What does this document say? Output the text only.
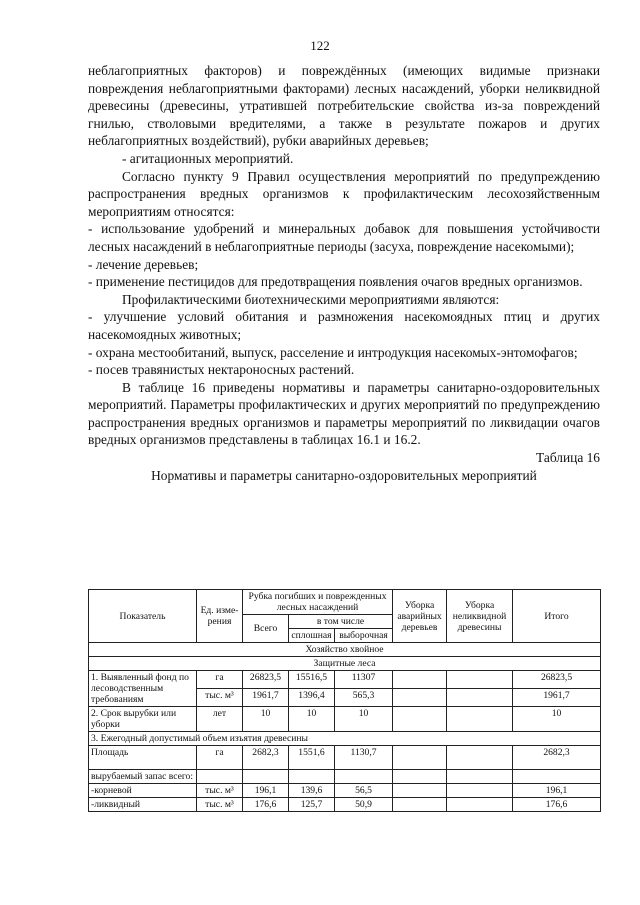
122

неблагоприятных факторов) и повреждённых (имеющих видимые признаки повреждения неблагоприятными факторами) лесных насаждений, уборки неликвидной древесины (древесины, утратившей потребительские свойства из-за повреждений гнилью, стволовыми вредителями, а также в результате пожаров и других неблагоприятных воздействий), рубки аварийных деревьев;

- агитационных мероприятий.

Согласно пункту 9 Правил осуществления мероприятий по предупреждению распространения вредных организмов к профилактическим лесохозяйственным мероприятиям относятся:

- использование удобрений и минеральных добавок для повышения устойчивости лесных насаждений в неблагоприятные периоды (засуха, повреждение насекомыми);

- лечение деревьев;

- применение пестицидов для предотвращения появления очагов вредных организмов.

Профилактическими биотехническими мероприятиями являются:

- улучшение условий обитания и размножения насекомоядных птиц и других насекомоядных животных;

- охрана местообитаний, выпуск, расселение и интродукция насекомых-энтомофагов;

- посев травянистых нектароносных растений.

В таблице 16 приведены нормативы и параметры санитарно-оздоровительных мероприятий. Параметры профилактических и других мероприятий по предупреждению распространения вредных организмов и параметры мероприятий по ликвидации очагов вредных организмов представлены в таблицах 16.1 и 16.2.

Таблица 16

Нормативы и параметры санитарно-оздоровительных мероприятий

Показатель	Ед. изме-рения	Рубка погибших и поврежденных лесных насаждений			Уборка аварийных деревьев	Уборка неликвидной древесины	Итого
		Всего	в том числе				
			сплошная	выборочная			
Хозяйство хвойное							
Защитные леса							
1. Выявленный фонд по лесоводственным требованиям	га	26823,5	15516,5	11307			26823,5
	тыс. м³	1961,7	1396,4	565,3			1961,7
2. Срок вырубки или уборки	лет	10	10	10			10
3. Ежегодный допустимый объем изъятия древесины							
Площадь	га	2682,3	1551,6	1130,7			2682,3
вырубаемый запас всего:							
-корневой	тыс. м³	196,1	139,6	56,5			196,1
-ликвидный	тыс. м³	176,6	125,7	50,9			176,6
